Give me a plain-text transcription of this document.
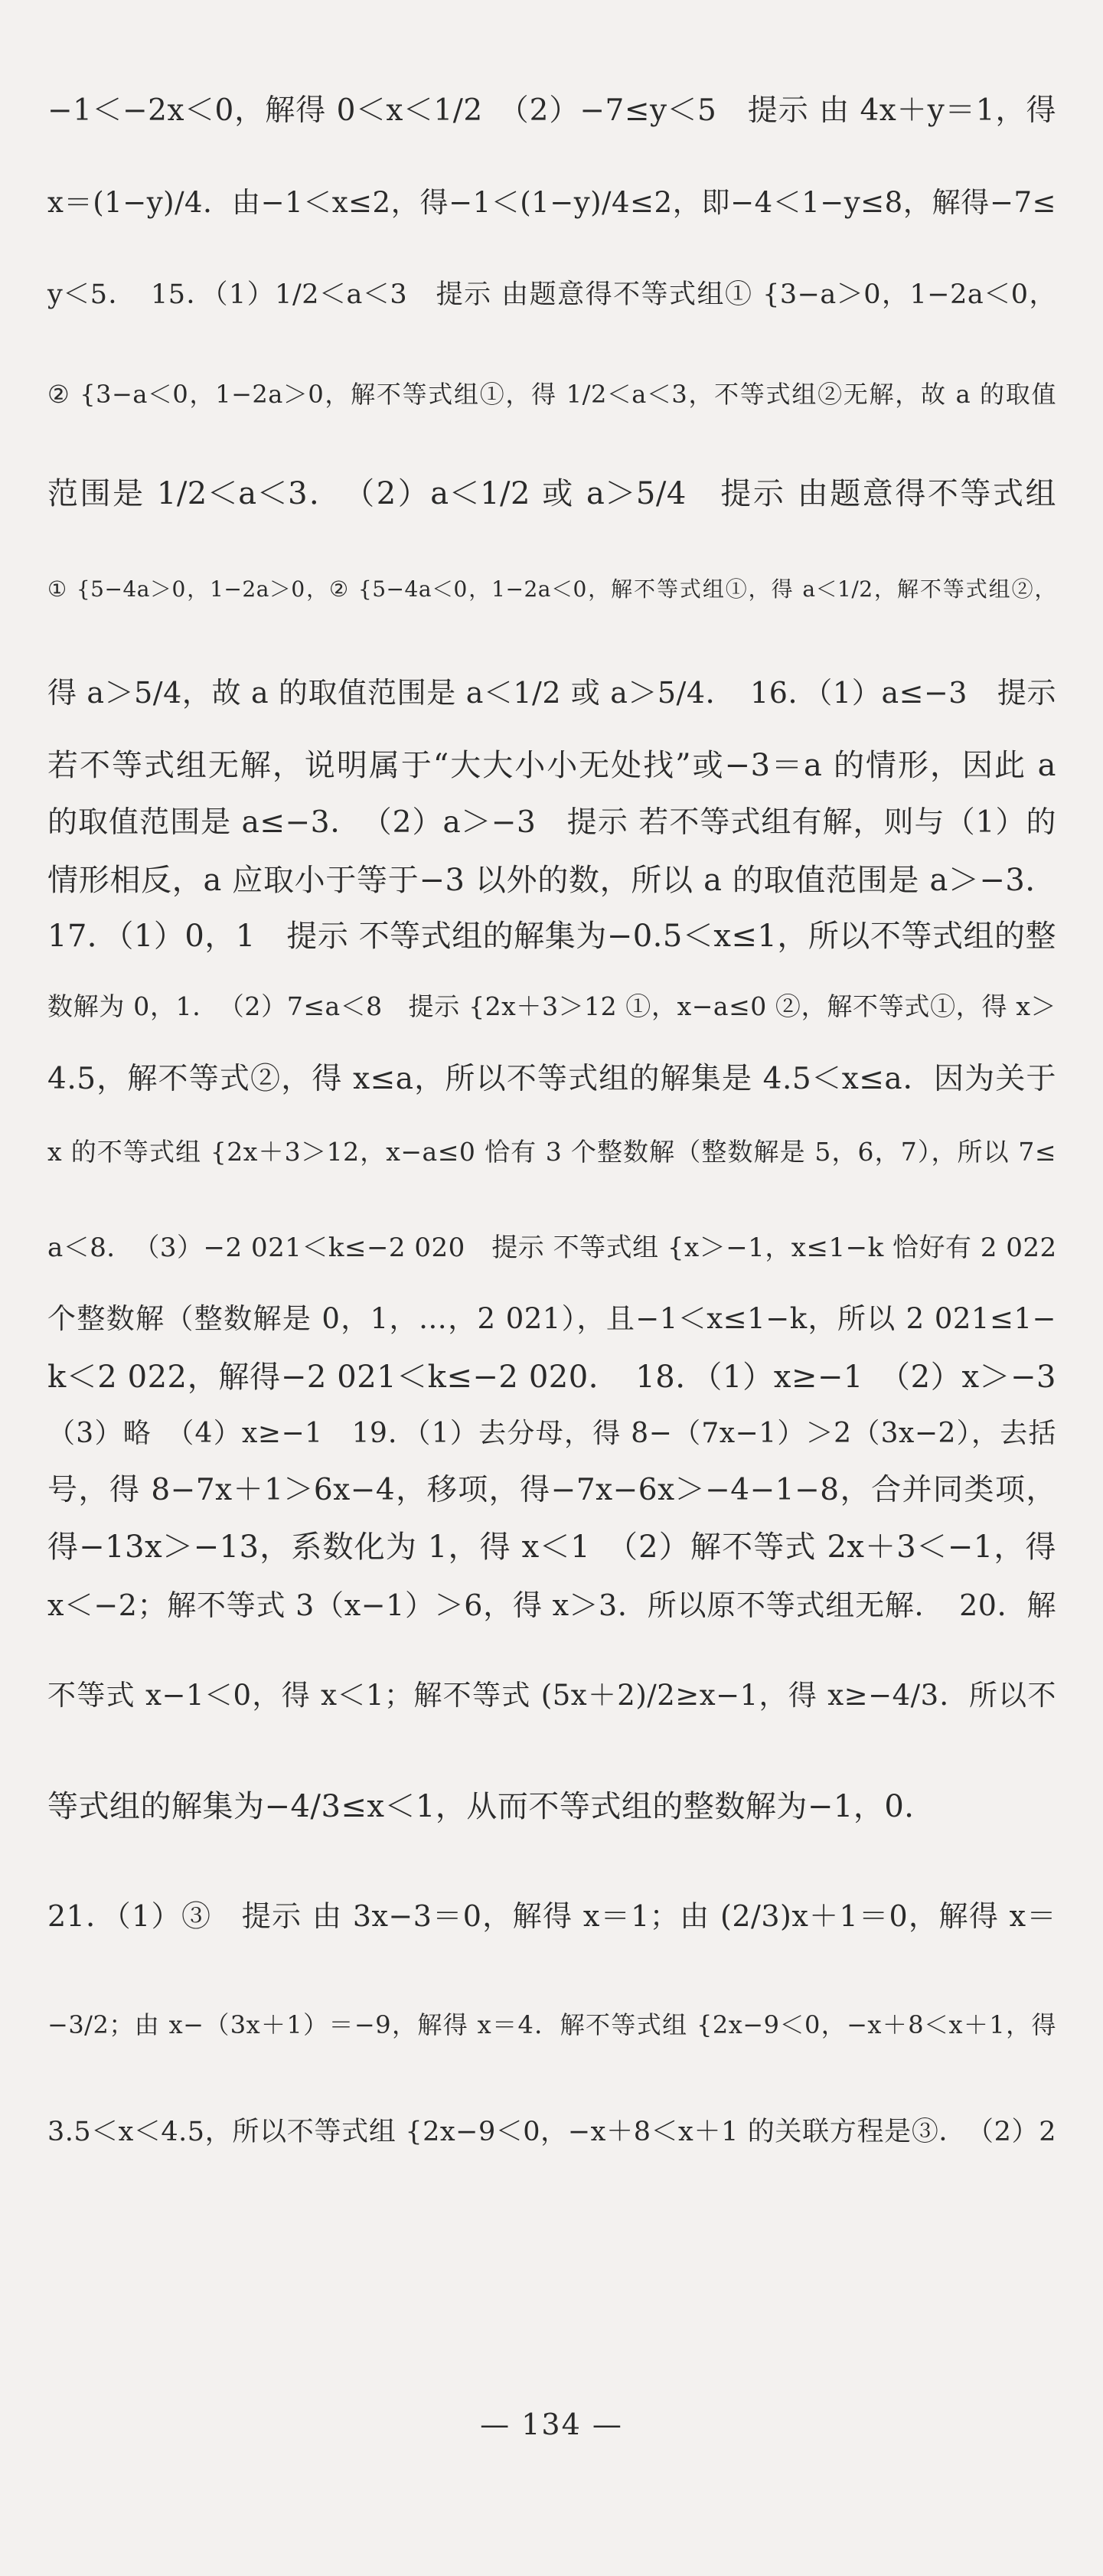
−1＜−2x＜0，解得 0＜x＜1/2　（2）−7≤y＜5　提示 由 4x＋y＝1，得
x＝(1−y)/4．由−1＜x≤2，得−1＜(1−y)/4≤2，即−4＜1−y≤8，解得−7≤
y＜5．　15．（1）1/2＜a＜3　提示 由题意得不等式组① {3−a＞0，1−2a＜0，
② {3−a＜0，1−2a＞0，解不等式组①，得 1/2＜a＜3，不等式组②无解，故 a 的取值
范围是 1/2＜a＜3．　（2）a＜1/2 或 a＞5/4　提示 由题意得不等式组
① {5−4a＞0，1−2a＞0，② {5−4a＜0，1−2a＜0，解不等式组①，得 a＜1/2，解不等式组②，
得 a＞5/4，故 a 的取值范围是 a＜1/2 或 a＞5/4．　16．（1）a≤−3　提示
若不等式组无解，说明属于“大大小小无处找”或−3＝a 的情形，因此 a
的取值范围是 a≤−3．　（2）a＞−3　提示 若不等式组有解，则与（1）的
情形相反，a 应取小于等于−3 以外的数，所以 a 的取值范围是 a＞−3．
17．（1）0，1　提示 不等式组的解集为−0.5＜x≤1，所以不等式组的整
数解为 0，1．　（2）7≤a＜8　提示 {2x＋3＞12 ①，x−a≤0 ②，解不等式①，得 x＞
4.5，解不等式②，得 x≤a，所以不等式组的解集是 4.5＜x≤a．因为关于
x 的不等式组 {2x＋3＞12，x−a≤0 恰有 3 个整数解（整数解是 5，6，7），所以 7≤
a＜8．　（3）−2 021＜k≤−2 020　提示 不等式组 {x＞−1，x≤1−k 恰好有 2 022
个整数解（整数解是 0，1，…，2 021），且−1＜x≤1−k，所以 2 021≤1−
k＜2 022，解得−2 021＜k≤−2 020．　18．（1）x≥−1　（2）x＞−3
（3）略　（4）x≥−1　19．（1）去分母，得 8−（7x−1）＞2（3x−2），去括
号，得 8−7x＋1＞6x−4，移项，得−7x−6x＞−4−1−8，合并同类项，
得−13x＞−13，系数化为 1，得 x＜1　（2）解不等式 2x＋3＜−1，得
x＜−2；解不等式 3（x−1）＞6，得 x＞3．所以原不等式组无解．　20．解
不等式 x−1＜0，得 x＜1；解不等式 (5x＋2)/2≥x−1，得 x≥−4/3．所以不
等式组的解集为−4/3≤x＜1，从而不等式组的整数解为−1，0．
21．（1）③　提示 由 3x−3＝0，解得 x＝1；由 (2/3)x＋1＝0，解得 x＝
−3/2；由 x−（3x＋1）＝−9，解得 x＝4．解不等式组 {2x−9＜0，−x＋8＜x＋1，得
3.5＜x＜4.5，所以不等式组 {2x−9＜0，−x＋8＜x＋1 的关联方程是③．　（2）2
— 134 —
